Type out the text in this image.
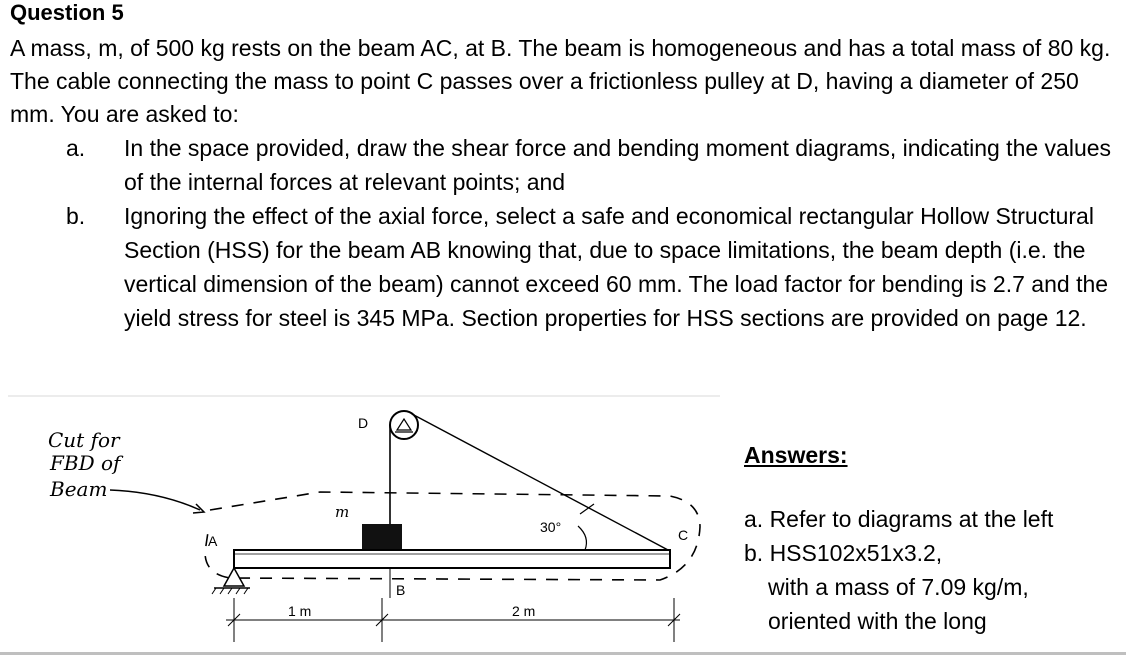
Question 5
A mass, m, of 500 kg rests on the beam AC, at B. The beam is homogeneous and has a total mass of 80 kg. The cable connecting the mass to point C passes over a frictionless pulley at D, having a diameter of 250 mm. You are asked to:
a. In the space provided, draw the shear force and bending moment diagrams, indicating the values of the internal forces at relevant points; and
b. Ignoring the effect of the axial force, select a safe and economical rectangular Hollow Structural Section (HSS) for the beam AB knowing that, due to space limitations, the beam depth (i.e. the vertical dimension of the beam) cannot exceed 60 mm. The load factor for bending is 2.7 and the yield stress for steel is 345 MPa. Section properties for HSS sections are provided on page 12.
Cut for
FBD of
Beam
D
m
30°
A
B
C
1 m	2 m
Answers:
a. Refer to diagrams at the left
b. HSS102x51x3.2,
with a mass of 7.09 kg/m,
oriented with the long
